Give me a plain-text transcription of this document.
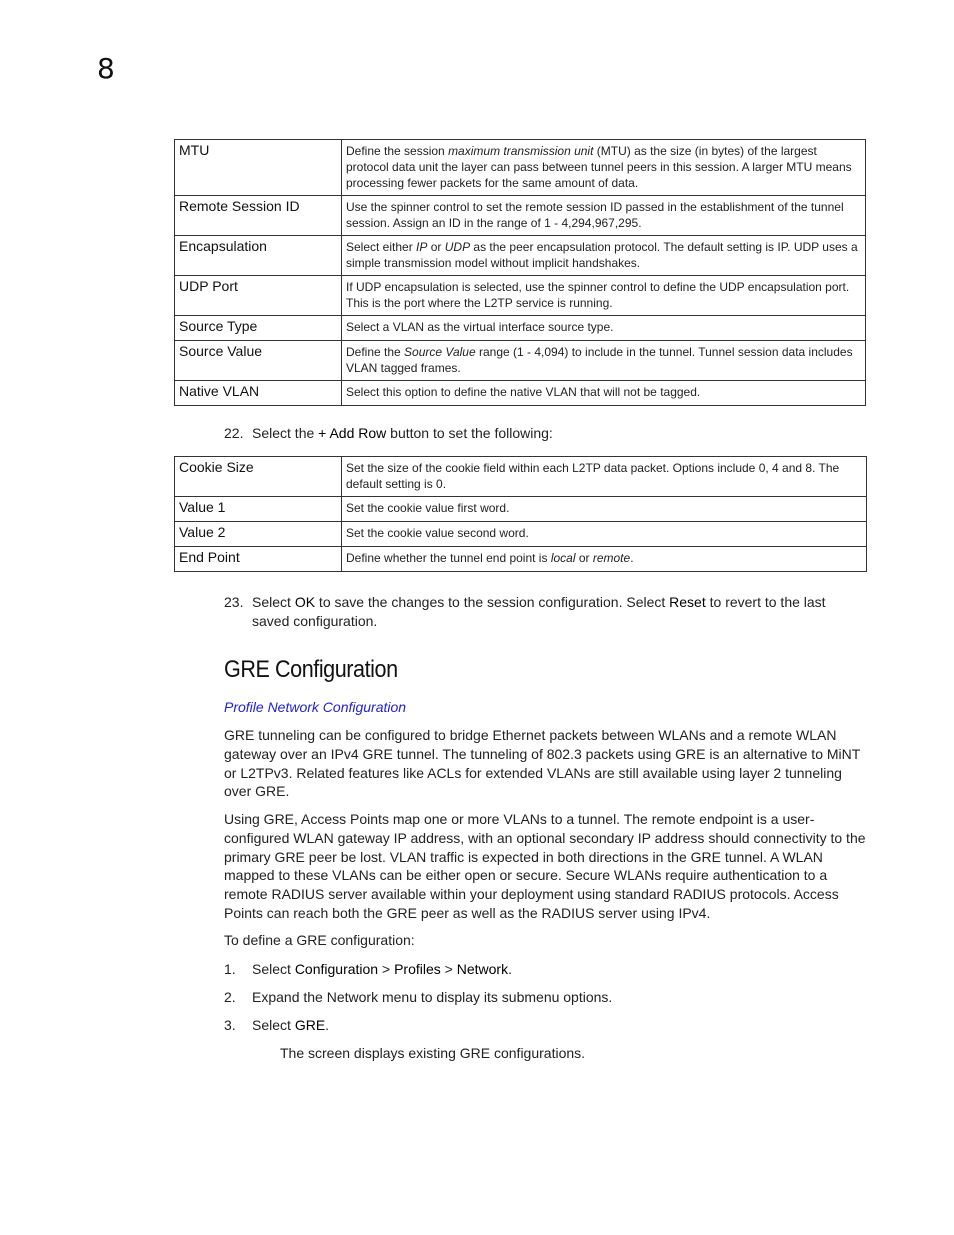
8
MTU	Define the session maximum transmission unit (MTU) as the size (in bytes) of the largest protocol data unit the layer can pass between tunnel peers in this session. A larger MTU means processing fewer packets for the same amount of data.
Remote Session ID	Use the spinner control to set the remote session ID passed in the establishment of the tunnel session. Assign an ID in the range of 1 - 4,294,967,295.
Encapsulation	Select either IP or UDP as the peer encapsulation protocol. The default setting is IP. UDP uses a simple transmission model without implicit handshakes.
UDP Port	If UDP encapsulation is selected, use the spinner control to define the UDP encapsulation port. This is the port where the L2TP service is running.
Source Type	Select a VLAN as the virtual interface source type.
Source Value	Define the Source Value range (1 - 4,094) to include in the tunnel. Tunnel session data includes VLAN tagged frames.
Native VLAN	Select this option to define the native VLAN that will not be tagged.
22. Select the + Add Row button to set the following:
Cookie Size	Set the size of the cookie field within each L2TP data packet. Options include 0, 4 and 8. The default setting is 0.
Value 1	Set the cookie value first word.
Value 2	Set the cookie value second word.
End Point	Define whether the tunnel end point is local or remote.
23. Select OK to save the changes to the session configuration. Select Reset to revert to the last
saved configuration.
GRE Configuration
Profile Network Configuration

GRE tunneling can be configured to bridge Ethernet packets between WLANs and a remote WLAN gateway over an IPv4 GRE tunnel. The tunneling of 802.3 packets using GRE is an alternative to MiNT or L2TPv3. Related features like ACLs for extended VLANs are still available using layer 2 tunneling over GRE.

Using GRE, Access Points map one or more VLANs to a tunnel. The remote endpoint is a user-configured WLAN gateway IP address, with an optional secondary IP address should connectivity to the primary GRE peer be lost. VLAN traffic is expected in both directions in the GRE tunnel. A WLAN mapped to these VLANs can be either open or secure. Secure WLANs require authentication to a remote RADIUS server available within your deployment using standard RADIUS protocols. Access Points can reach both the GRE peer as well as the RADIUS server using IPv4.

To define a GRE configuration:

1. Select Configuration > Profiles > Network.
2. Expand the Network menu to display its submenu options.
3. Select GRE.

The screen displays existing GRE configurations.
